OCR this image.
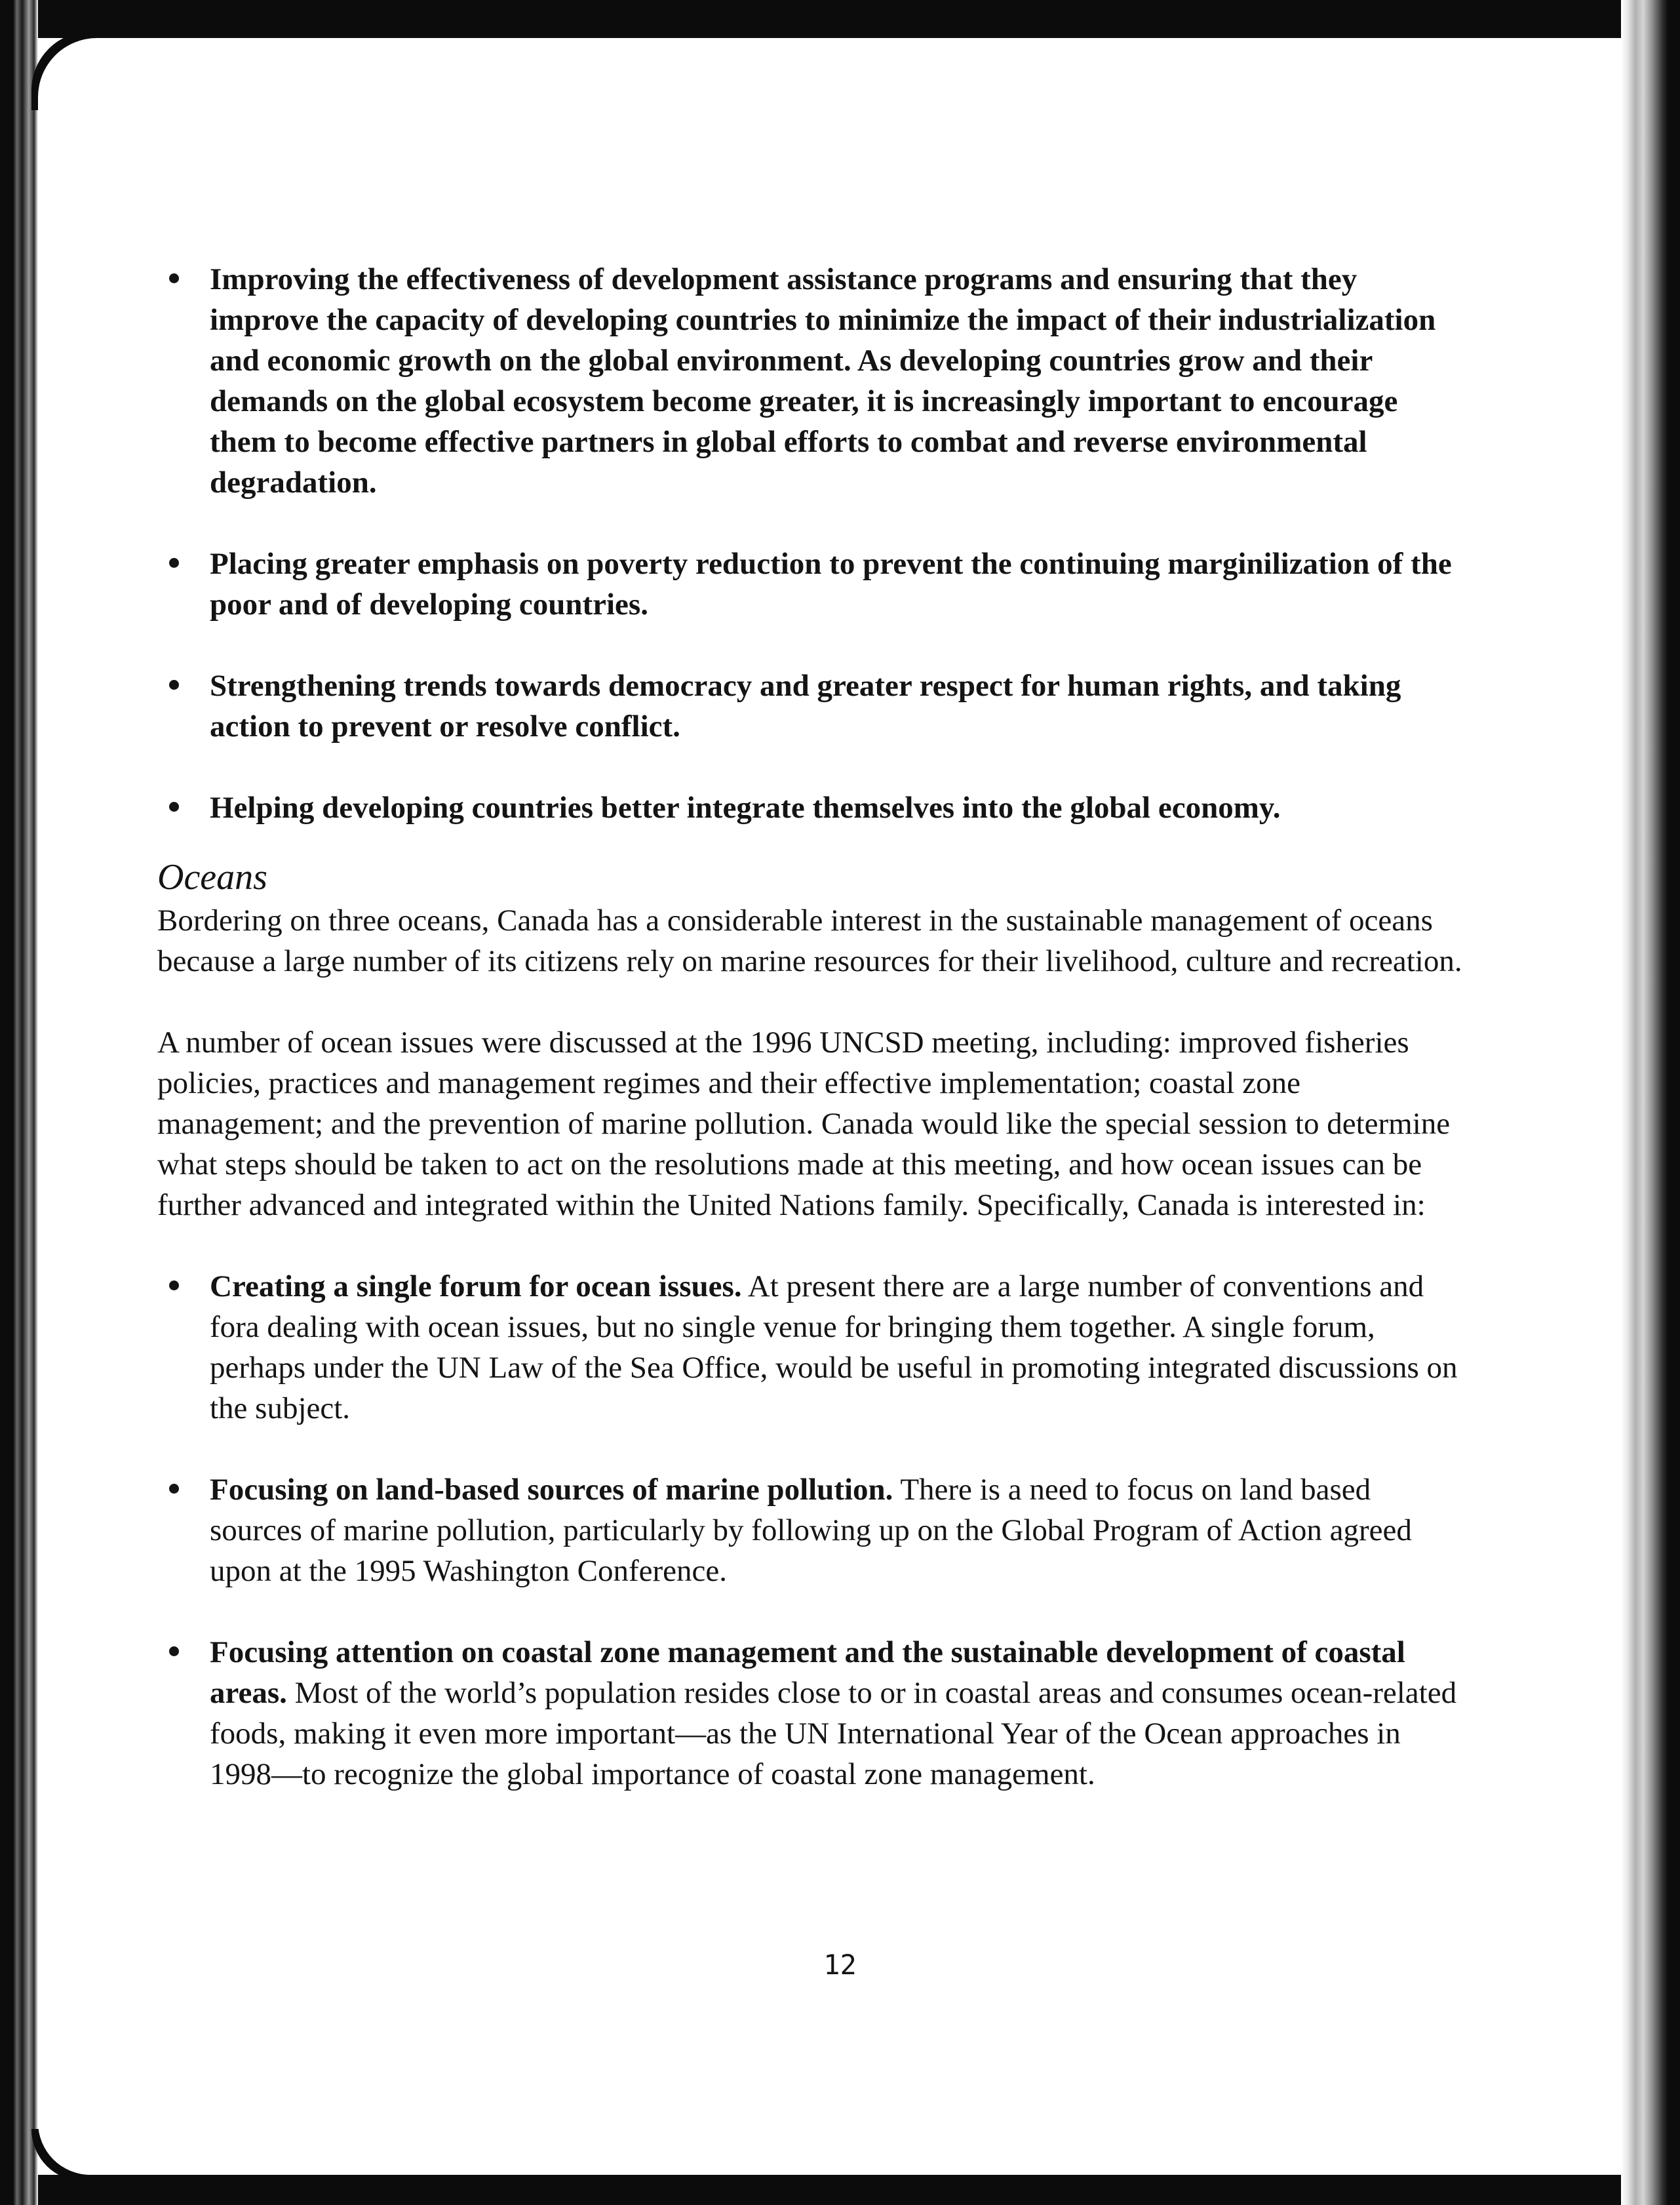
Improving the effectiveness of development assistance programs and ensuring that they improve the capacity of developing countries to minimize the impact of their industrialization and economic growth on the global environment. As developing countries grow and their demands on the global ecosystem become greater, it is increasingly important to encourage them to become effective partners in global efforts to combat and reverse environmental degradation.
Placing greater emphasis on poverty reduction to prevent the continuing marginilization of the poor and of developing countries.
Strengthening trends towards democracy and greater respect for human rights, and taking action to prevent or resolve conflict.
Helping developing countries better integrate themselves into the global economy.
Oceans

Bordering on three oceans, Canada has a considerable interest in the sustainable management of oceans because a large number of its citizens rely on marine resources for their livelihood, culture and recreation.

A number of ocean issues were discussed at the 1996 UNCSD meeting, including: improved fisheries policies, practices and management regimes and their effective implementation; coastal zone management; and the prevention of marine pollution. Canada would like the special session to determine what steps should be taken to act on the resolutions made at this meeting, and how ocean issues can be further advanced and integrated within the United Nations family. Specifically, Canada is interested in:

Creating a single forum for ocean issues. At present there are a large number of conventions and fora dealing with ocean issues, but no single venue for bringing them together. A single forum, perhaps under the UN Law of the Sea Office, would be useful in promoting integrated discussions on the subject.
Focusing on land-based sources of marine pollution. There is a need to focus on land based sources of marine pollution, particularly by following up on the Global Program of Action agreed upon at the 1995 Washington Conference.
Focusing attention on coastal zone management and the sustainable development of coastal areas. Most of the world’s population resides close to or in coastal areas and consumes ocean-related foods, making it even more important—as the UN International Year of the Ocean approaches in 1998—to recognize the global importance of coastal zone management.
12
